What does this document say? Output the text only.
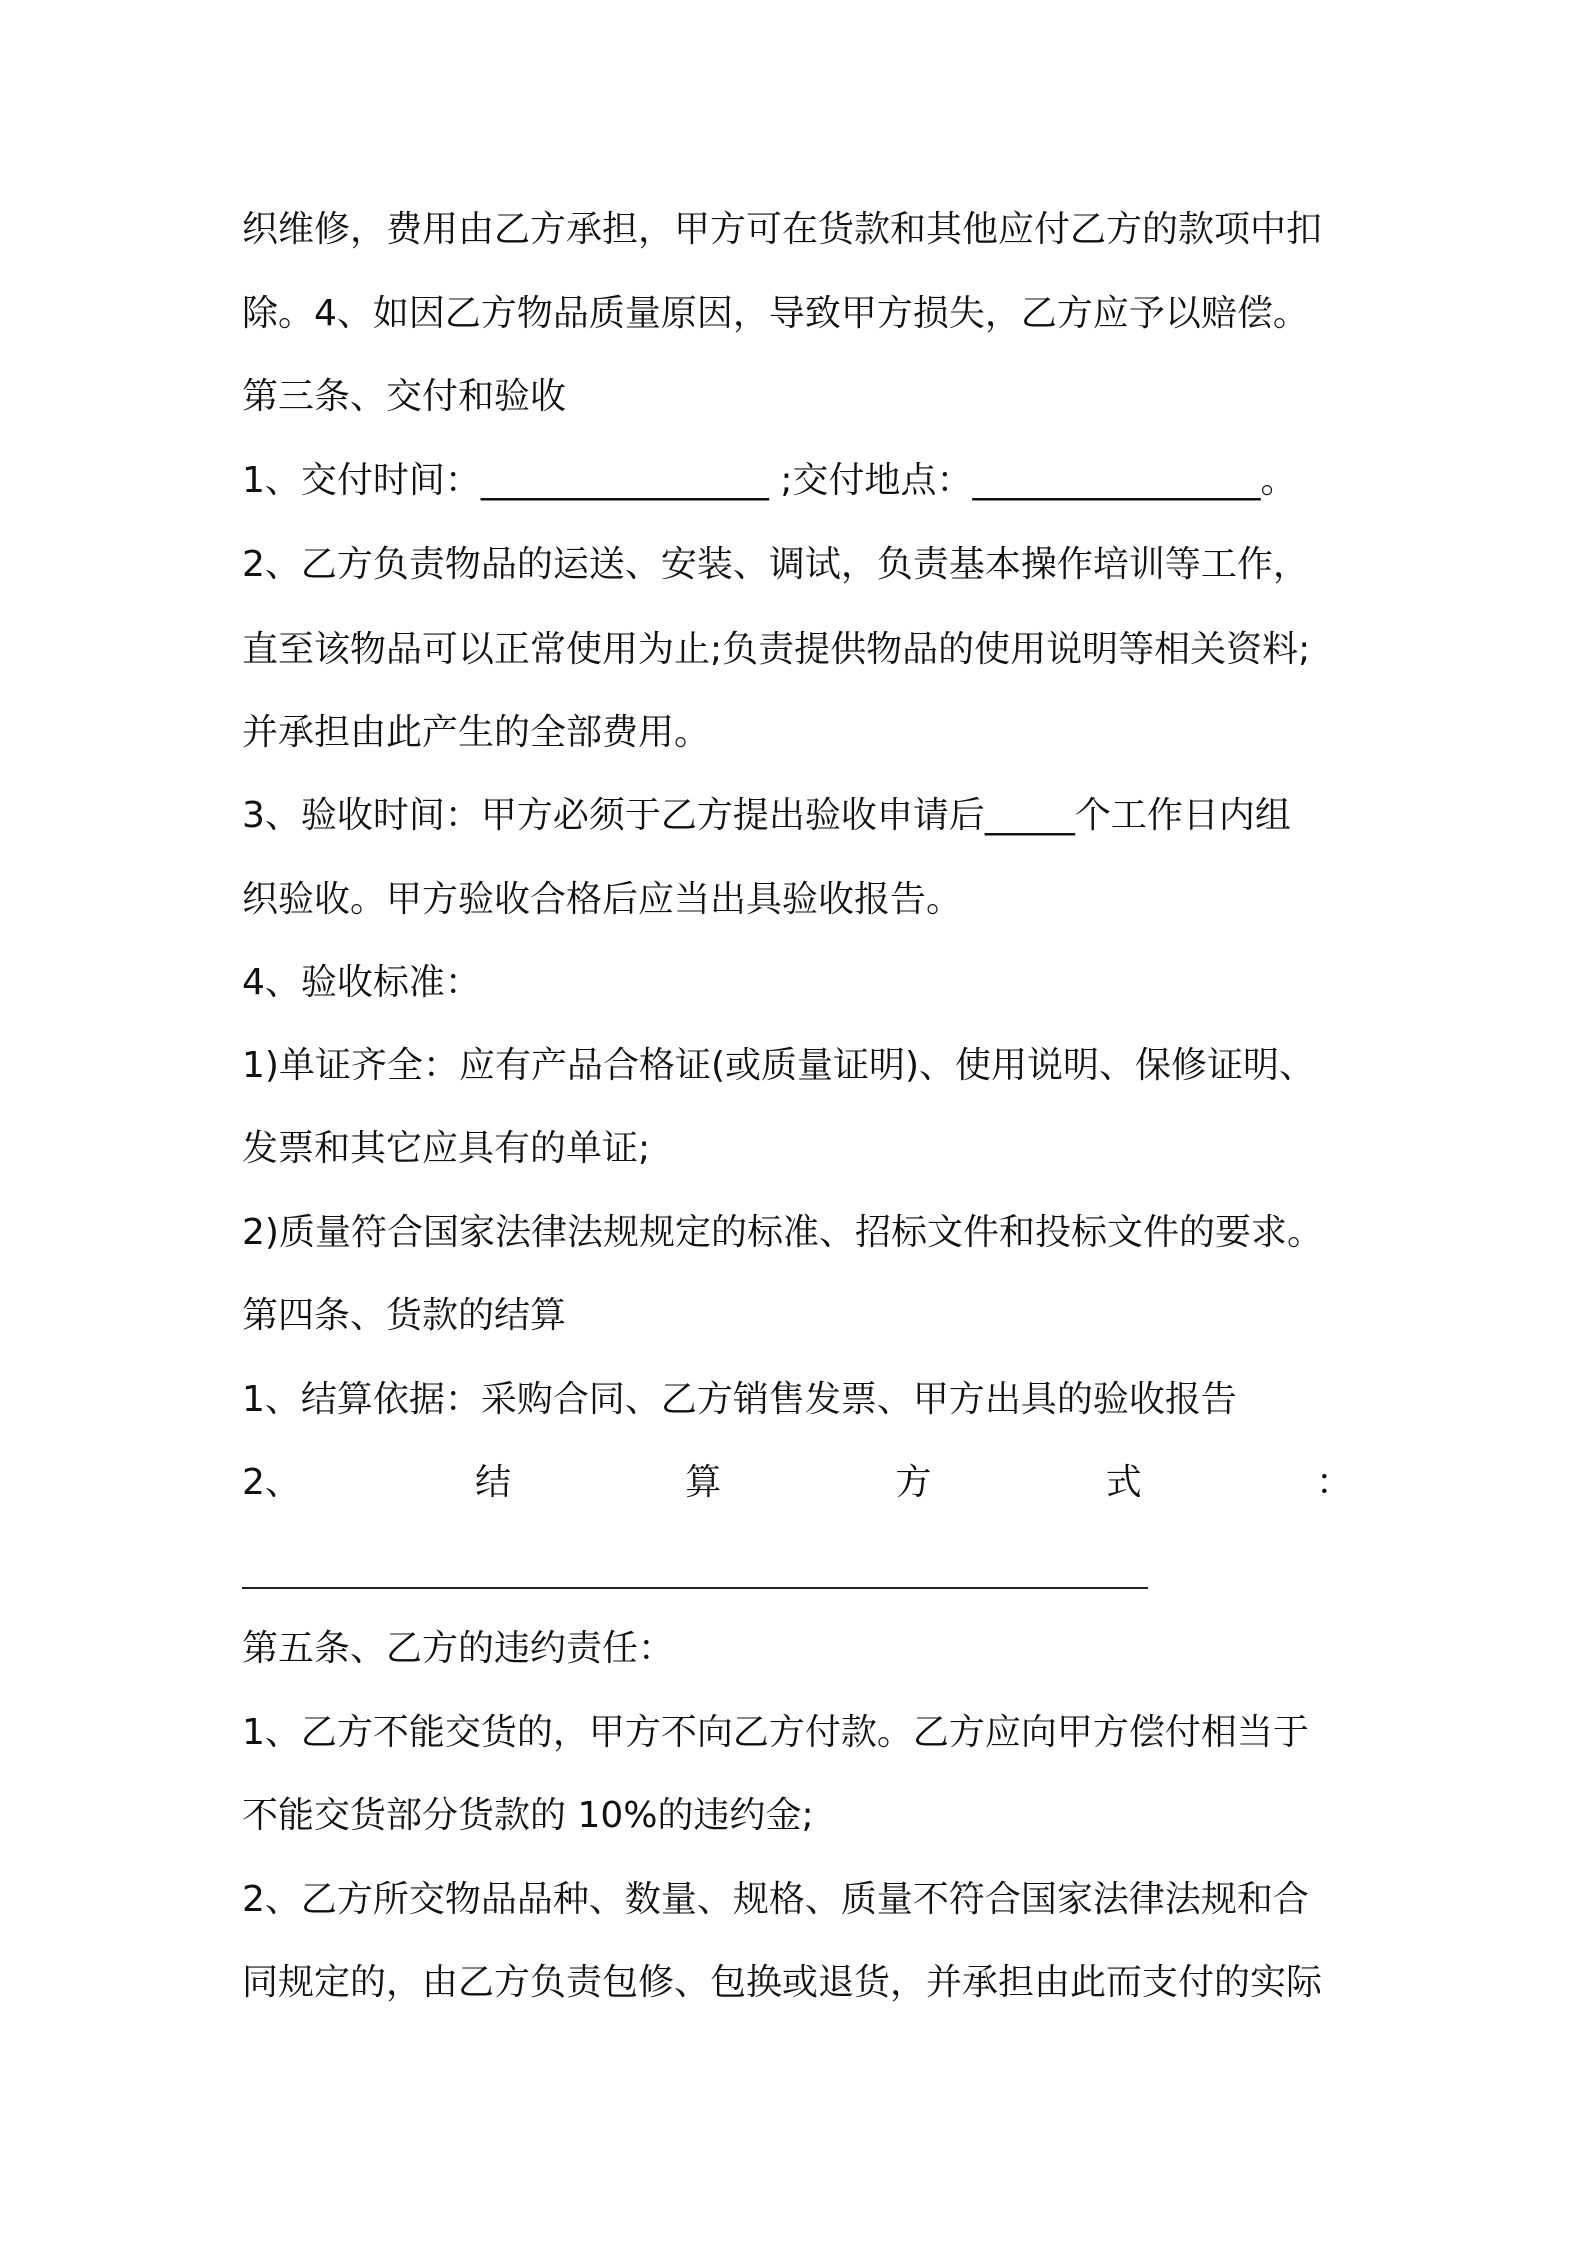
织维修，费用由乙方承担，甲方可在货款和其他应付乙方的款项中扣
除。4、如因乙方物品质量原因，导致甲方损失，乙方应予以赔偿。
第三条、交付和验收
1、交付时间：________________ ;交付地点：________________。
2、乙方负责物品的运送、安装、调试，负责基本操作培训等工作，
直至该物品可以正常使用为止;负责提供物品的使用说明等相关资料;
并承担由此产生的全部费用。
3、验收时间：甲方必须于乙方提出验收申请后_____个工作日内组
织验收。甲方验收合格后应当出具验收报告。
4、验收标准：
1)单证齐全：应有产品合格证(或质量证明)、使用说明、保修证明、
发票和其它应具有的单证;
2)质量符合国家法律法规规定的标准、招标文件和投标文件的要求。
第四条、货款的结算
1、结算依据：采购合同、乙方销售发票、甲方出具的验收报告
2、	结	算	方	式	：
第五条、乙方的违约责任：
1、乙方不能交货的，甲方不向乙方付款。乙方应向甲方偿付相当于
不能交货部分货款的 10%的违约金;
2、乙方所交物品品种、数量、规格、质量不符合国家法律法规和合
同规定的，由乙方负责包修、包换或退货，并承担由此而支付的实际
